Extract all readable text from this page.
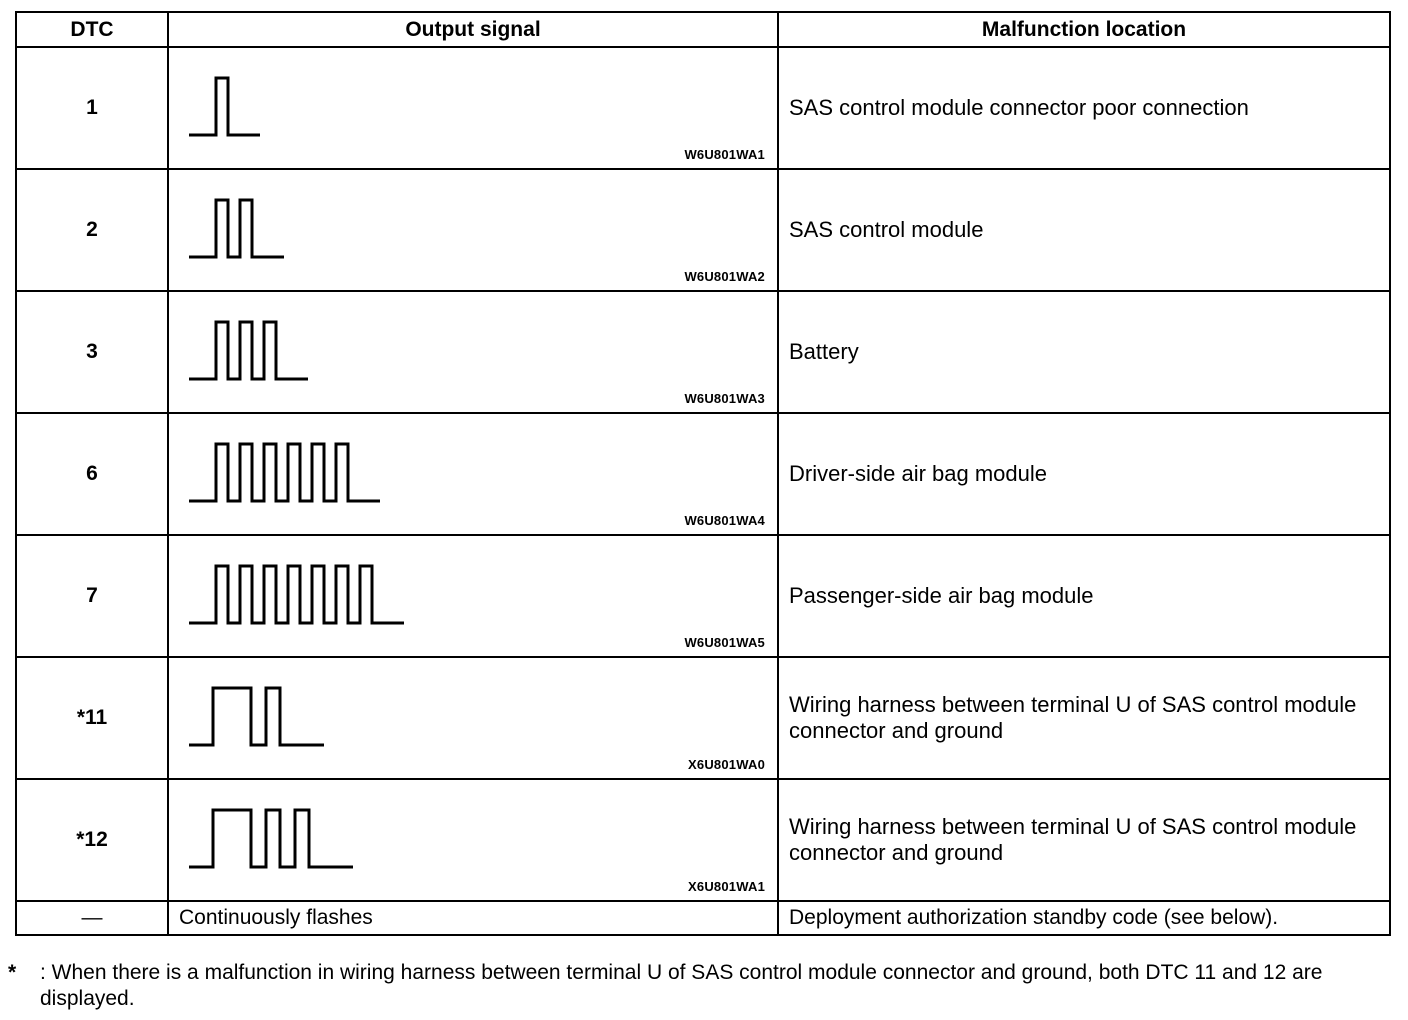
DTC	Output signal	Malfunction location
1	W6U801WA1	SAS control module connector poor connection
2	W6U801WA2	SAS control module
3	W6U801WA3	Battery
6	W6U801WA4	Driver-side air bag module
7	W6U801WA5	Passenger-side air bag module
*11	X6U801WA0	Wiring harness between terminal U of SAS control module connector and ground
*12	X6U801WA1	Wiring harness between terminal U of SAS control module connector and ground
—	Continuously flashes	Deployment authorization standby code (see below).
*	: When there is a malfunction in wiring harness between terminal U of SAS control module connector and ground, both DTC 11 and 12 are displayed.
